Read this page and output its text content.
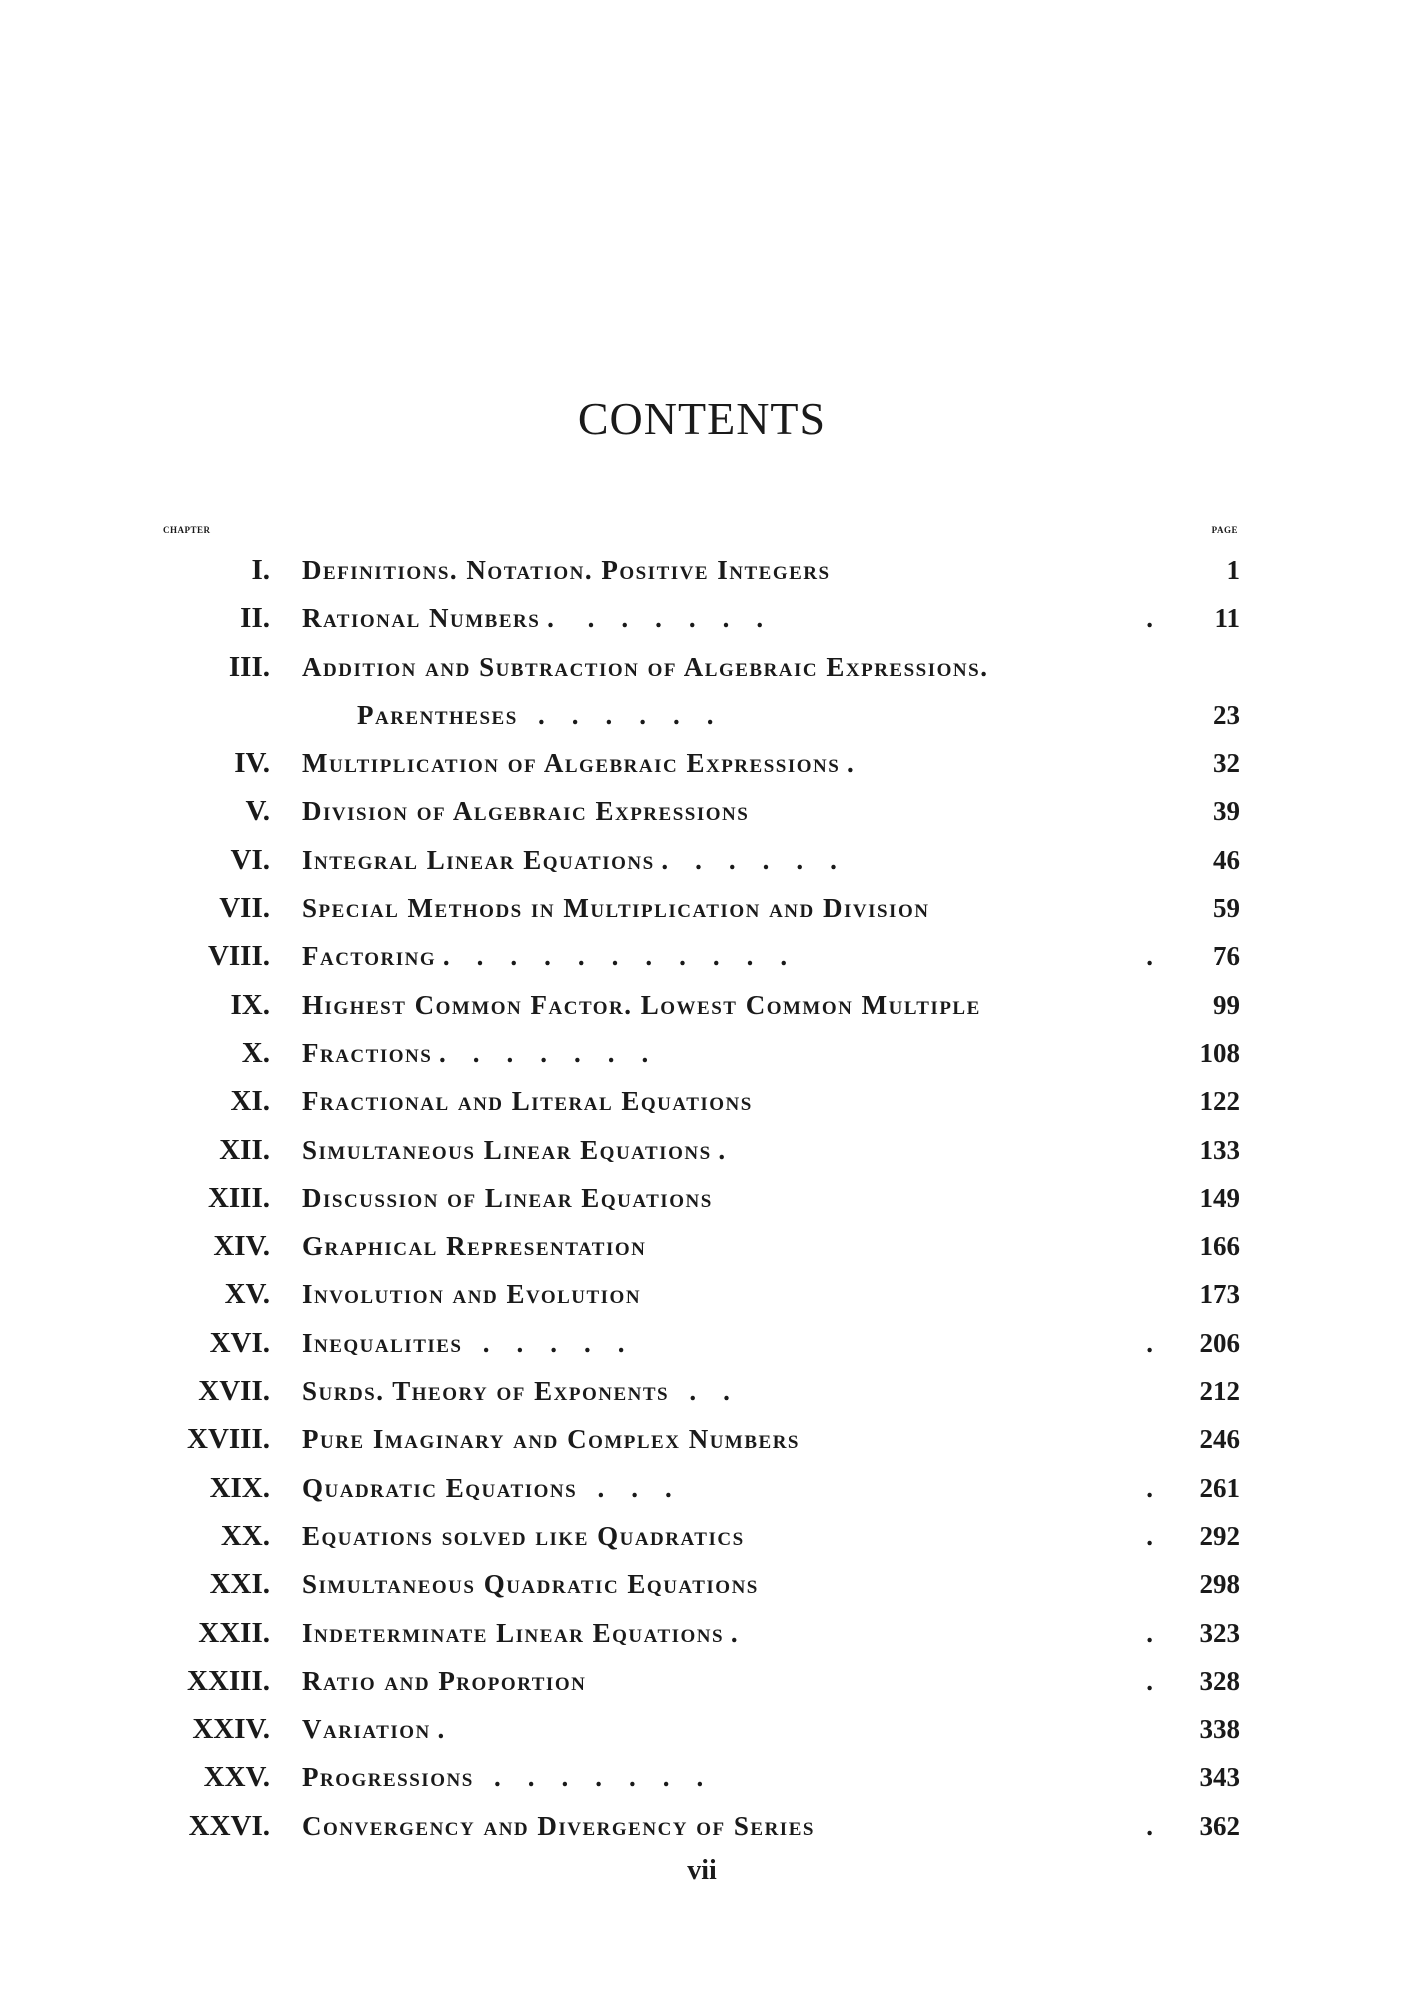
CONTENTS
chapter	page
I. Definitions. Notation. Positive Integers	1
II. Rational Numbers .     .    .    .    .    .    .	.	11
III. Addition and Subtraction of Algebraic Expressions.
Parentheses   .    .    .    .    .    .	23
IV. Multiplication of Algebraic Expressions .	32
V. Division of Algebraic Expressions	39
VI. Integral Linear Equations .    .    .    .    .    .	46
VII. Special Methods in Multiplication and Division	59
VIII. Factoring .    .    .    .    .    .    .    .    .    .    .	.	76
IX. Highest Common Factor. Lowest Common Multiple	99
X. Fractions .    .    .    .    .    .    .	108
XI. Fractional and Literal Equations	122
XII. Simultaneous Linear Equations .	133
XIII. Discussion of Linear Equations	149
XIV. Graphical Representation	166
XV. Involution and Evolution	173
XVI. Inequalities   .    .    .    .    .	.	206
XVII. Surds. Theory of Exponents   .    .	212
XVIII. Pure Imaginary and Complex Numbers	246
XIX. Quadratic Equations   .    .    .	.	261
XX. Equations solved like Quadratics	.	292
XXI. Simultaneous Quadratic Equations	298
XXII. Indeterminate Linear Equations .	.	323
XXIII. Ratio and Proportion	.	328
XXIV. Variation .	338
XXV. Progressions   .    .    .    .    .    .    .	343
XXVI. Convergency and Divergency of Series	.	362
vii
